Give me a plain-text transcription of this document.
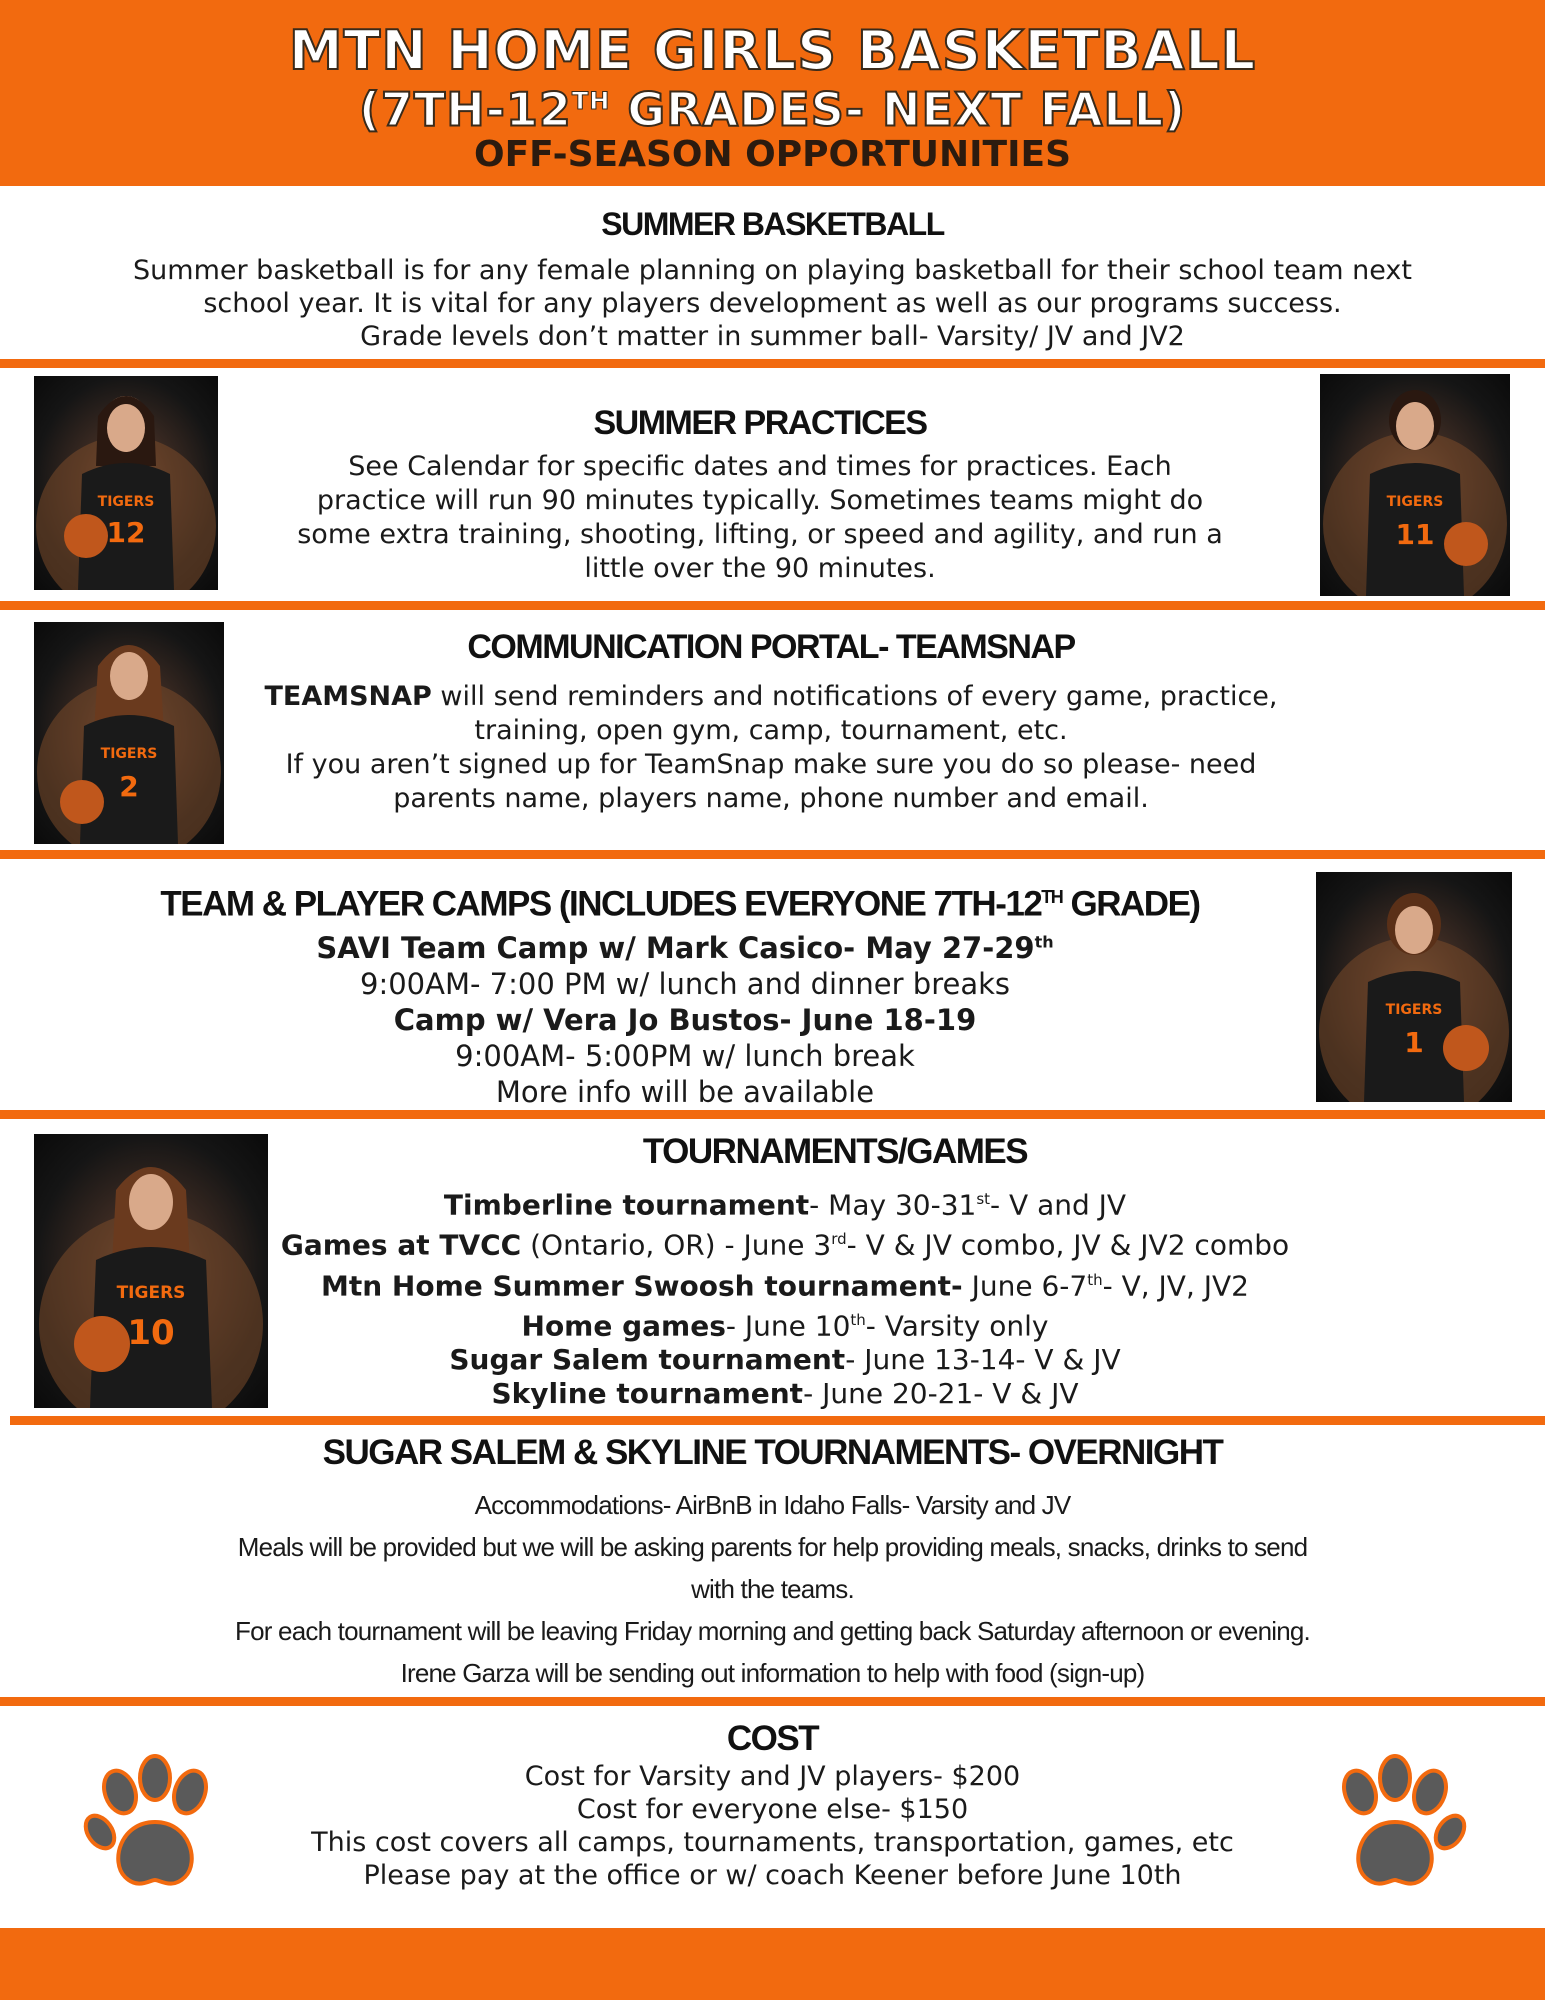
MTN HOME GIRLS BASKETBALL
(7TH-12TH GRADES- NEXT FALL)
OFF-SEASON OPPORTUNITIES
SUMMER BASKETBALL
Summer basketball is for any female planning on playing basketball for their school team next
school year. It is vital for any players development as well as our programs success.
Grade levels don’t matter in summer ball- Varsity/ JV and JV2
TIGERS
12
SUMMER PRACTICES
See Calendar for specific dates and times for practices. Each
practice will run 90 minutes typically. Sometimes teams might do
some extra training, shooting, lifting, or speed and agility, and run a
little over the 90 minutes.
TIGERS
11
TIGERS
2
COMMUNICATION PORTAL- TEAMSNAP
TEAMSNAP will send reminders and notifications of every game, practice,
training, open gym, camp, tournament, etc.
If you aren’t signed up for TeamSnap make sure you do so please- need
parents name, players name, phone number and email.
TEAM & PLAYER CAMPS (INCLUDES EVERYONE 7TH-12TH GRADE)
SAVI Team Camp w/ Mark Casico- May 27-29th
9:00AM- 7:00 PM w/ lunch and dinner breaks
Camp w/ Vera Jo Bustos- June 18-19
9:00AM- 5:00PM w/ lunch break
More info will be available
TIGERS
1
TIGERS
10
TOURNAMENTS/GAMES
Timberline tournament- May 30-31st- V and JV
Games at TVCC (Ontario, OR) - June 3rd- V & JV combo, JV & JV2 combo
Mtn Home Summer Swoosh tournament- June 6-7th- V, JV, JV2
Home games- June 10th- Varsity only
Sugar Salem tournament- June 13-14- V & JV
Skyline tournament- June 20-21- V & JV
SUGAR SALEM & SKYLINE TOURNAMENTS- OVERNIGHT
Accommodations- AirBnB in Idaho Falls- Varsity and JV
Meals will be provided but we will be asking parents for help providing meals, snacks, drinks to send
with the teams.
For each tournament will be leaving Friday morning and getting back Saturday afternoon or evening.
Irene Garza will be sending out information to help with food (sign-up)
COST
Cost for Varsity and JV players- $200
Cost for everyone else- $150
This cost covers all camps, tournaments, transportation, games, etc
Please pay at the office or w/ coach Keener before June 10th
